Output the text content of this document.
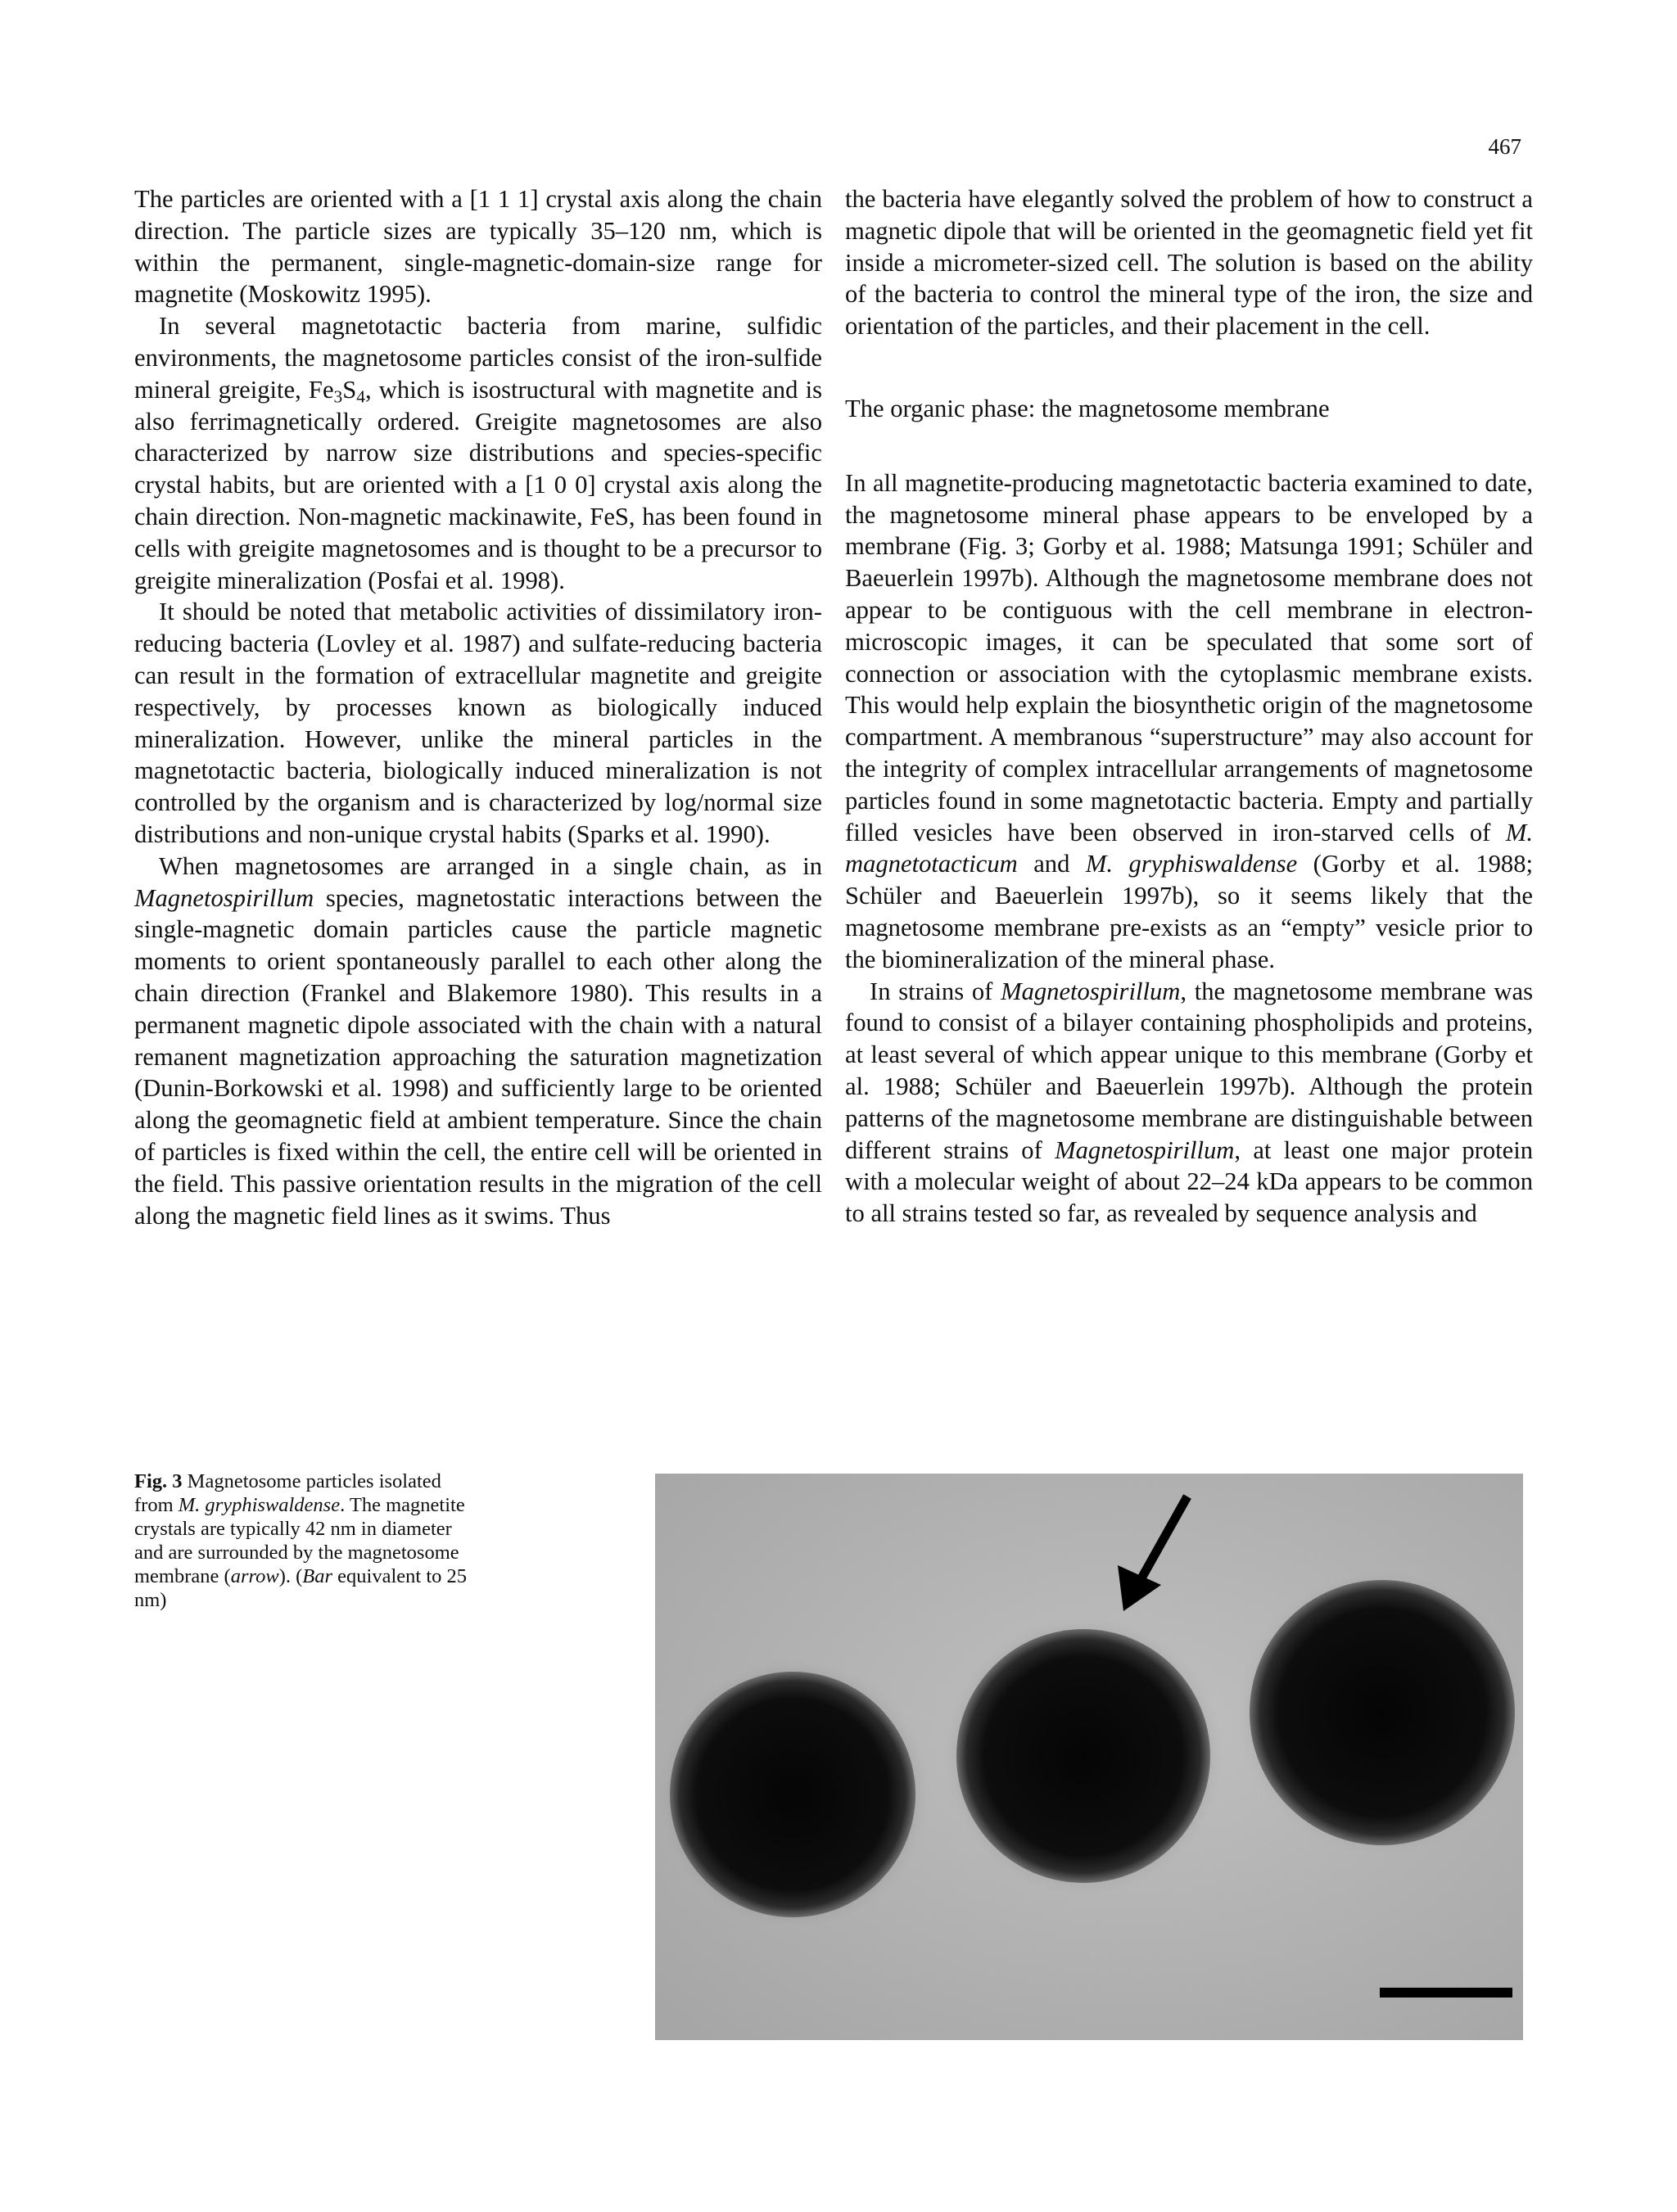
467

The particles are oriented with a [1 1 1] crystal axis along the chain direction. The particle sizes are typically 35–120 nm, which is within the permanent, single-magnetic-domain-size range for magnetite (Moskowitz 1995).

In several magnetotactic bacteria from marine, sulfidic environments, the magnetosome particles consist of the iron-sulfide mineral greigite, $Fe_3S_4$, which is isostructural with magnetite and is also ferrimagnetically ordered. Greigite magnetosomes are also characterized by narrow size distributions and species-specific crystal habits, but are oriented with a [1 0 0] crystal axis along the chain direction. Non-magnetic mackinawite, FeS, has been found in cells with greigite magnetosomes and is thought to be a precursor to greigite mineralization (Posfai et al. 1998).

It should be noted that metabolic activities of dissimilatory iron-reducing bacteria (Lovley et al. 1987) and sulfate-reducing bacteria can result in the formation of extracellular magnetite and greigite respectively, by processes known as biologically induced mineralization. However, unlike the mineral particles in the magnetotactic bacteria, biologically induced mineralization is not controlled by the organism and is characterized by log/normal size distributions and non-unique crystal habits (Sparks et al. 1990).

When magnetosomes are arranged in a single chain, as in Magnetospirillum species, magnetostatic interactions between the single-magnetic domain particles cause the particle magnetic moments to orient spontaneously parallel to each other along the chain direction (Frankel and Blakemore 1980). This results in a permanent magnetic dipole associated with the chain with a natural remanent magnetization approaching the saturation magnetization (Dunin-Borkowski et al. 1998) and sufficiently large to be oriented along the geomagnetic field at ambient temperature. Since the chain of particles is fixed within the cell, the entire cell will be oriented in the field. This passive orientation results in the migration of the cell along the magnetic field lines as it swims. Thus

the bacteria have elegantly solved the problem of how to construct a magnetic dipole that will be oriented in the geomagnetic field yet fit inside a micrometer-sized cell. The solution is based on the ability of the bacteria to control the mineral type of the iron, the size and orientation of the particles, and their placement in the cell.

The organic phase: the magnetosome membrane

In all magnetite-producing magnetotactic bacteria examined to date, the magnetosome mineral phase appears to be enveloped by a membrane (Fig. 3; Gorby et al. 1988; Matsunga 1991; Schüler and Baeuerlein 1997b). Although the magnetosome membrane does not appear to be contiguous with the cell membrane in electron-microscopic images, it can be speculated that some sort of connection or association with the cytoplasmic membrane exists. This would help explain the biosynthetic origin of the magnetosome compartment. A membranous “superstructure” may also account for the integrity of complex intracellular arrangements of magnetosome particles found in some magnetotactic bacteria. Empty and partially filled vesicles have been observed in iron-starved cells of M. magnetotacticum and M. gryphiswaldense (Gorby et al. 1988; Schüler and Baeuerlein 1997b), so it seems likely that the magnetosome membrane pre-exists as an “empty” vesicle prior to the biomineralization of the mineral phase.

In strains of Magnetospirillum, the magnetosome membrane was found to consist of a bilayer containing phospholipids and proteins, at least several of which appear unique to this membrane (Gorby et al. 1988; Schüler and Baeuerlein 1997b). Although the protein patterns of the magnetosome membrane are distinguishable between different strains of Magnetospirillum, at least one major protein with a molecular weight of about 22–24 kDa appears to be common to all strains tested so far, as revealed by sequence analysis and

Fig. 3 Magnetosome particles isolated from M. gryphiswaldense. The magnetite crystals are typically 42 nm in diameter and are surrounded by the magnetosome membrane (arrow). (Bar equivalent to 25 nm)
